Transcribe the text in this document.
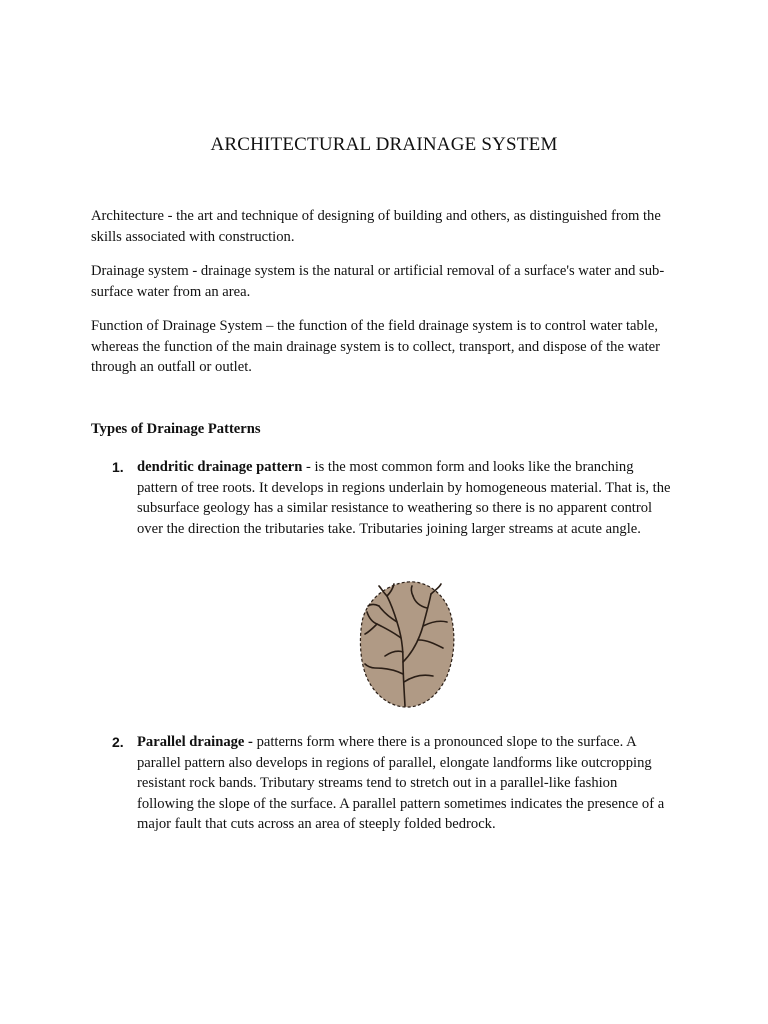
ARCHITECTURAL DRAINAGE SYSTEM

Architecture - the art and technique of designing of building and others, as distinguished from the skills associated with construction.

Drainage system - drainage system is the natural or artificial removal of a surface's water and sub-surface water from an area.

Function of Drainage System – the function of the field drainage system is to control water table, whereas the function of the main drainage system is to collect, transport, and dispose of the water through an outfall or outlet.

Types of Drainage Patterns

1. dendritic drainage pattern - is the most common form and looks like the branching pattern of tree roots. It develops in regions underlain by homogeneous material. That is, the subsurface geology has a similar resistance to weathering so there is no apparent control over the direction the tributaries take. Tributaries joining larger streams at acute angle.
2. Parallel drainage - patterns form where there is a pronounced slope to the surface. A parallel pattern also develops in regions of parallel, elongate landforms like outcropping resistant rock bands. Tributary streams tend to stretch out in a parallel-like fashion following the slope of the surface. A parallel pattern sometimes indicates the presence of a major fault that cuts across an area of steeply folded bedrock.
